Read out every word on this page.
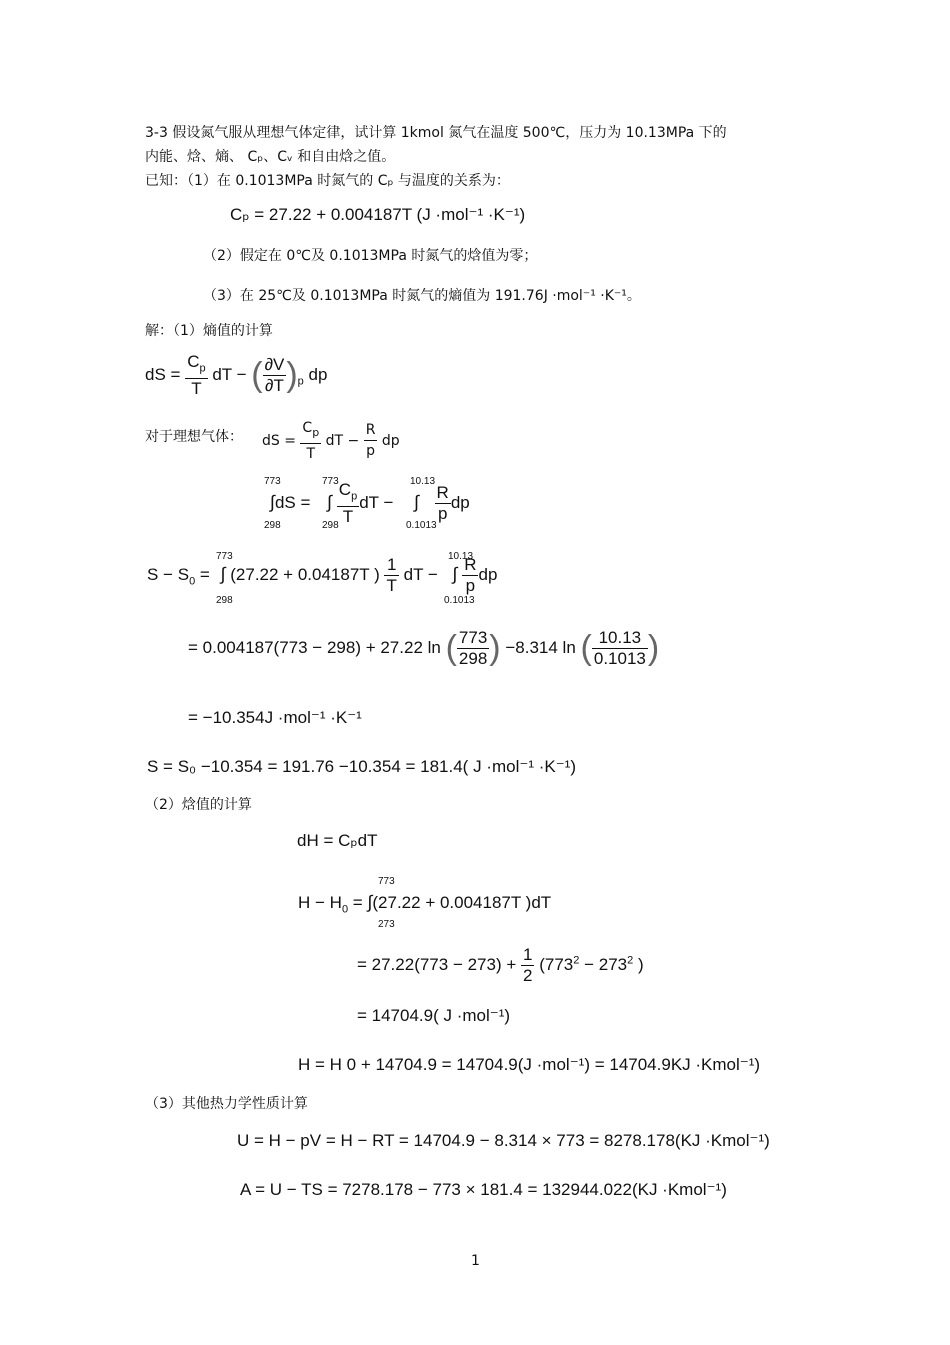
3-3 假设氮气服从理想气体定律，试计算 1kmol 氮气在温度 500℃，压力为 10.13MPa 下的
内能、焓、熵、 Cₚ、Cᵥ 和自由焓之值。
已知：（1）在 0.1013MPa 时氮气的 Cₚ 与温度的关系为：
Cₚ = 27.22 + 0.004187T (J ·mol⁻¹ ·K⁻¹)
（2）假定在 0℃及 0.1013MPa 时氮气的焓值为零；
（3）在 25℃及 0.1013MPa 时氮气的熵值为 191.76J ·mol⁻¹ ·K⁻¹。
解：（1）熵值的计算
dS = $\frac{C_p}{T}$ dT − ( $\frac{\partial V}{\partial T} )_p$ dp
对于理想气体： dS = $\frac{C_p}{T}$ dT − $\frac{R}{p}$ dp
773
298
773
298
10.13
0.1013
∫dS = ∫ $\frac{C_p}{T}$ dT − ∫ $\frac{R}{p}$ dp
773
298
10.13
0.1013
$S - S_0$ = ∫ (27.22 + 0.04187T ) $\frac{1}{T}$ dT − ∫ $\frac{R}{p}$ dp
= 0.004187(773 − 298) + 27.22 ln ( $\frac{773}{298}$ ) −8.314 ln ( $\frac{10.13}{0.1013}$ )
= −10.354J ·mol⁻¹ ·K⁻¹
S = S₀ −10.354 = 191.76 −10.354 = 181.4( J ·mol⁻¹ ·K⁻¹)
（2）焓值的计算
dH = CₚdT
773
273
$H - H_0 = \int(27.22 + 0.004187T$ )dT
= $27.22(773 - 273) + \frac{1}{2} (773^2 - 273^2$ )
= 14704.9( J ·mol⁻¹)
H = H 0 + 14704.9 = 14704.9(J ·mol⁻¹) = 14704.9KJ ·Kmol⁻¹)
（3）其他热力学性质计算
U = H − pV = H − RT = 14704.9 − 8.314 × 773 = 8278.178(KJ ·Kmol⁻¹)
A = U − TS = 7278.178 − 773 × 181.4 = 132944.022(KJ ·Kmol⁻¹)
1
